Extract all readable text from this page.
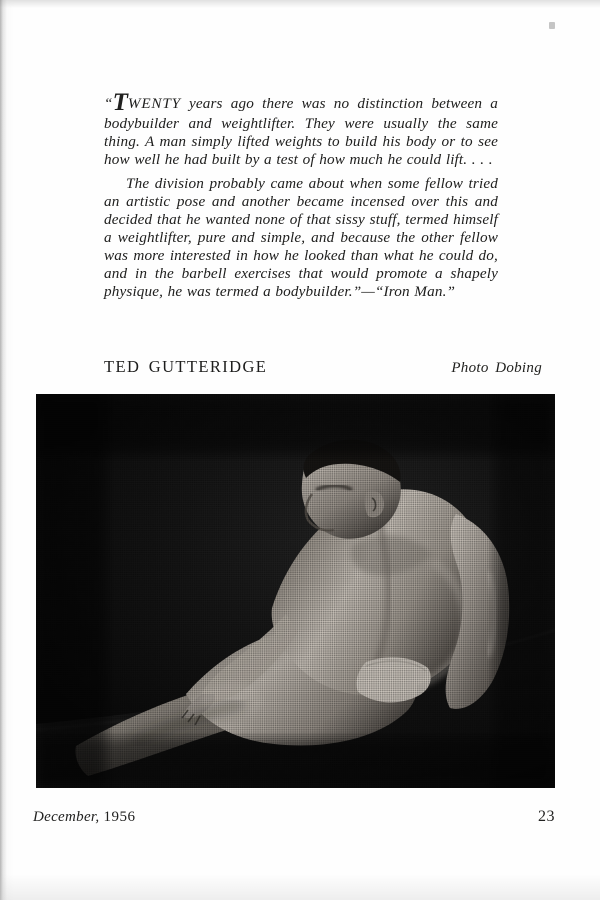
“TWENTY years ago there was no distinction between a bodybuilder and weightlifter. They were usually the same thing. A man simply lifted weights to build his body or to see how well he had built by a test of how much he could lift. . . .

The division probably came about when some fellow tried an artistic pose and another became incensed over this and decided that he wanted none of that sissy stuff, termed himself a weightlifter, pure and simple, and because the other fellow was more interested in how he looked than what he could do, and in the barbell exercises that would promote a shapely physique, he was termed a bodybuilder.”—“Iron Man.”

TED GUTTERIDGE	Photo Dobing
December, 1956	23
